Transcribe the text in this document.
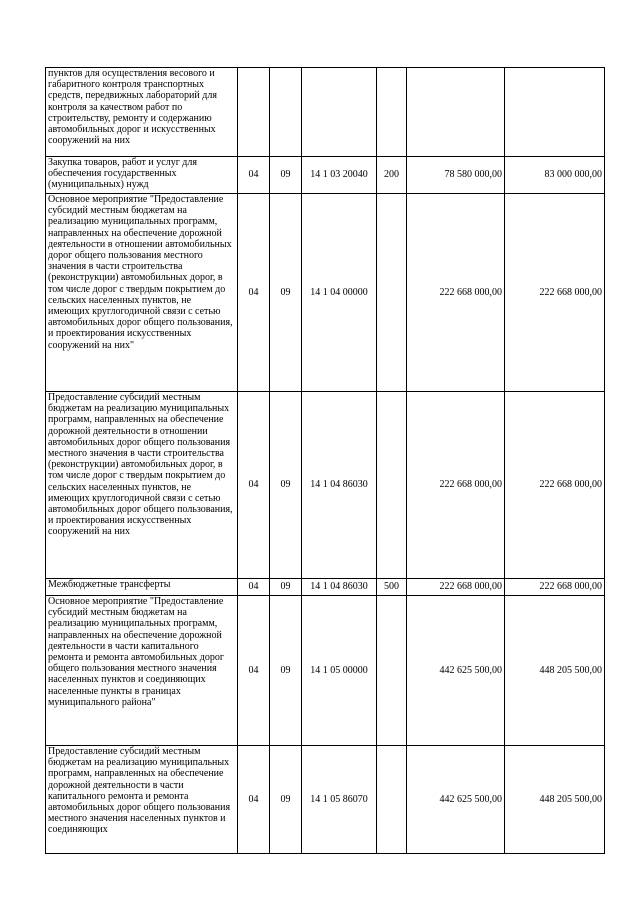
пунктов для осуществления весового и габаритного контроля транспортных средств, передвижных лабораторий для контроля за качеством работ по строительству, ремонту и содержанию автомобильных дорог и искусственных сооружений на них						
Закупка товаров, работ и услуг для обеспечения государственных (муниципальных) нужд	04	09	14 1 03 20040	200	78 580 000,00	83 000 000,00
Основное мероприятие "Предоставление субсидий местным бюджетам на реализацию муниципальных программ, направленных на обеспечение дорожной деятельности в отношении автомобильных дорог общего пользования местного значения в части строительства (реконструкции) автомобильных дорог, в том числе дорог с твердым покрытием до сельских населенных пунктов, не имеющих круглогодичной связи с сетью автомобильных дорог общего пользования, и проектирования искусственных сооружений на них"	04	09	14 1 04 00000		222 668 000,00	222 668 000,00
Предоставление субсидий местным бюджетам на реализацию муниципальных программ, направленных на обеспечение дорожной деятельности в отношении автомобильных дорог общего пользования местного значения в части строительства (реконструкции) автомобильных дорог, в том числе дорог с твердым покрытием до сельских населенных пунктов, не имеющих круглогодичной связи с сетью автомобильных дорог общего пользования, и проектирования искусственных сооружений на них	04	09	14 1 04 86030		222 668 000,00	222 668 000,00
Межбюджетные трансферты	04	09	14 1 04 86030	500	222 668 000,00	222 668 000,00
Основное мероприятие "Предоставление субсидий местным бюджетам на реализацию муниципальных программ, направленных на обеспечение дорожной деятельности в части капитального ремонта и ремонта автомобильных дорог общего пользования местного значения населенных пунктов и соединяющих населенные пункты в границах муниципального района"	04	09	14 1 05 00000		442 625 500,00	448 205 500,00
Предоставление субсидий местным бюджетам на реализацию муниципальных программ, направленных на обеспечение дорожной деятельности в части капитального ремонта и ремонта автомобильных дорог общего пользования местного значения населенных пунктов и соединяющих	04	09	14 1 05 86070		442 625 500,00	448 205 500,00
